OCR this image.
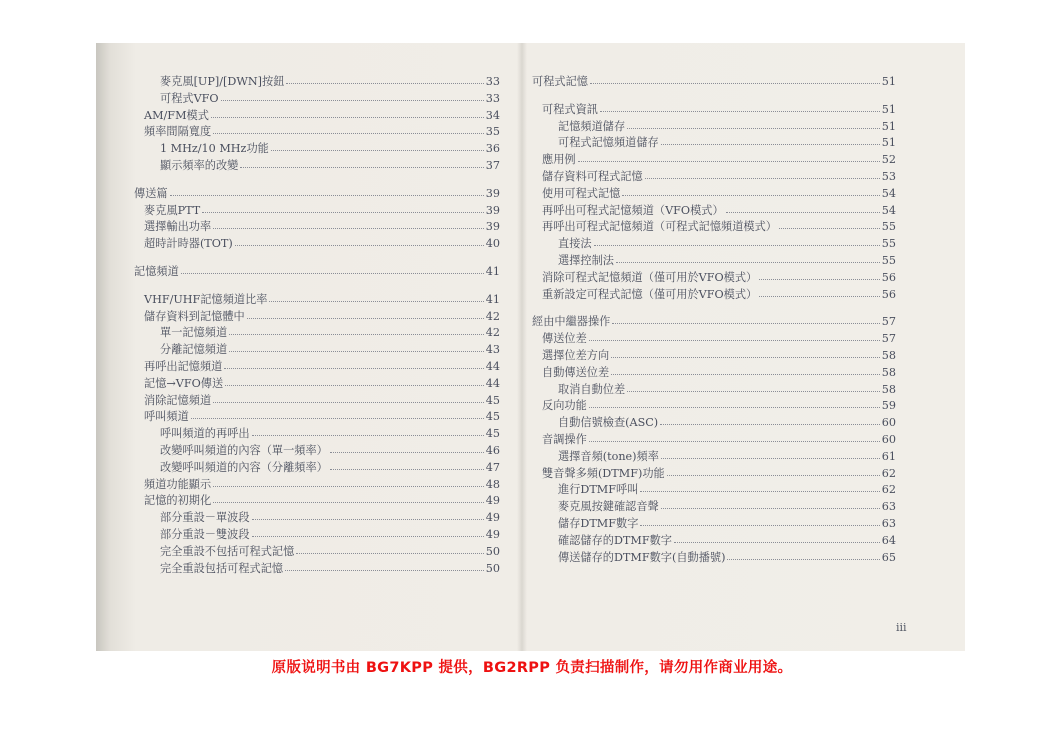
麥克風[UP]/[DWN]按鈕	33
可程式VFO	33
AM/FM模式	34
頻率間隔寬度	35
1 MHz/10 MHz功能	36
顯示頻率的改變	37
傳送篇	39
麥克風PTT	39
選擇輸出功率	39
超時計時器(TOT)	40
記憶頻道	41
VHF/UHF記憶頻道比率	41
儲存資料到記憶體中	42
單一記憶頻道	42
分離記憶頻道	43
再呼出記憶頻道	44
記憶→VFO傳送	44
消除記憶頻道	45
呼叫頻道	45
呼叫頻道的再呼出	45
改變呼叫頻道的內容（單一頻率）	46
改變呼叫頻道的內容（分離頻率）	47
頻道功能顯示	48
記憶的初期化	49
部分重設－單波段	49
部分重設－雙波段	49
完全重設不包括可程式記憶	50
完全重設包括可程式記憶	50
可程式記憶	51
可程式資訊	51
記憶頻道儲存	51
可程式記憶頻道儲存	51
應用例	52
儲存資料可程式記憶	53
使用可程式記憶	54
再呼出可程式記憶頻道（VFO模式）	54
再呼出可程式記憶頻道（可程式記憶頻道模式）	55
直接法	55
選擇控制法	55
消除可程式記憶頻道（僅可用於VFO模式）	56
重新設定可程式記憶（僅可用於VFO模式）	56
經由中繼器操作	57
傳送位差	57
選擇位差方向	58
自動傳送位差	58
取消自動位差	58
反向功能	59
自動信號檢查(ASC)	60
音調操作	60
選擇音頻(tone)頻率	61
雙音聲多頻(DTMF)功能	62
進行DTMF呼叫	62
麥克風按鍵確認音聲	63
儲存DTMF數字	63
確認儲存的DTMF數字	64
傳送儲存的DTMF數字(自動播號)	65
iii
原版说明书由 BG7KPP 提供，BG2RPP 负责扫描制作，请勿用作商业用途。
